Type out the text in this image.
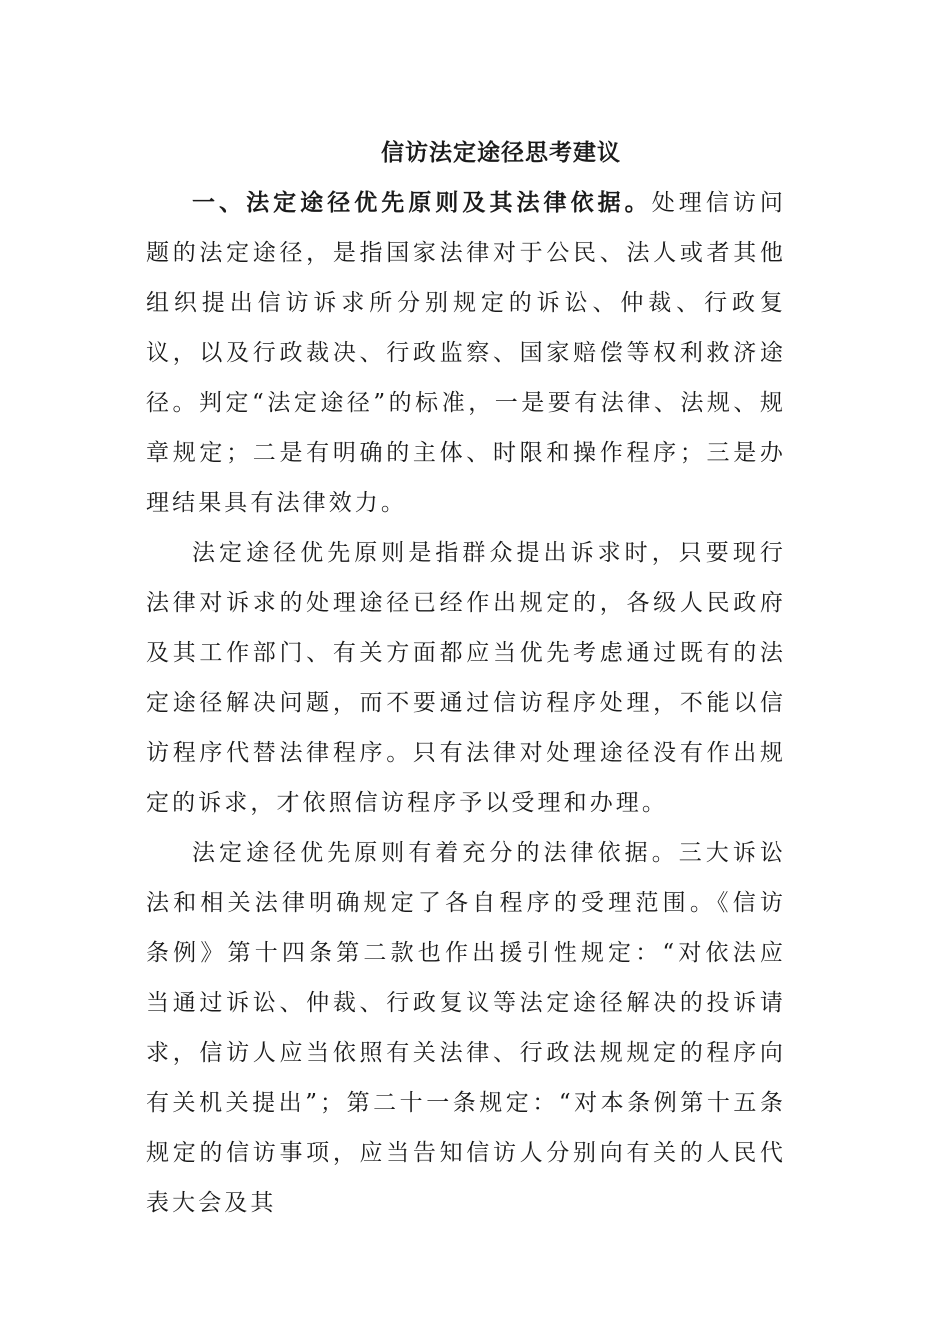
信访法定途径思考建议

一、法定途径优先原则及其法律依据。处理信访问题的法定途径，是指国家法律对于公民、法人或者其他组织提出信访诉求所分别规定的诉讼、仲裁、行政复议，以及行政裁决、行政监察、国家赔偿等权利救济途径。判定“法定途径”的标准，一是要有法律、法规、规章规定；二是有明确的主体、时限和操作程序；三是办理结果具有法律效力。

法定途径优先原则是指群众提出诉求时，只要现行法律对诉求的处理途径已经作出规定的，各级人民政府及其工作部门、有关方面都应当优先考虑通过既有的法定途径解决问题，而不要通过信访程序处理，不能以信访程序代替法律程序。只有法律对处理途径没有作出规定的诉求，才依照信访程序予以受理和办理。

法定途径优先原则有着充分的法律依据。三大诉讼法和相关法律明确规定了各自程序的受理范围。《信访条例》第十四条第二款也作出援引性规定：“对依法应当通过诉讼、仲裁、行政复议等法定途径解决的投诉请求，信访人应当依照有关法律、行政法规规定的程序向有关机关提出”；第二十一条规定：“对本条例第十五条规定的信访事项，应当告知信访人分别向有关的人民代表大会及其
